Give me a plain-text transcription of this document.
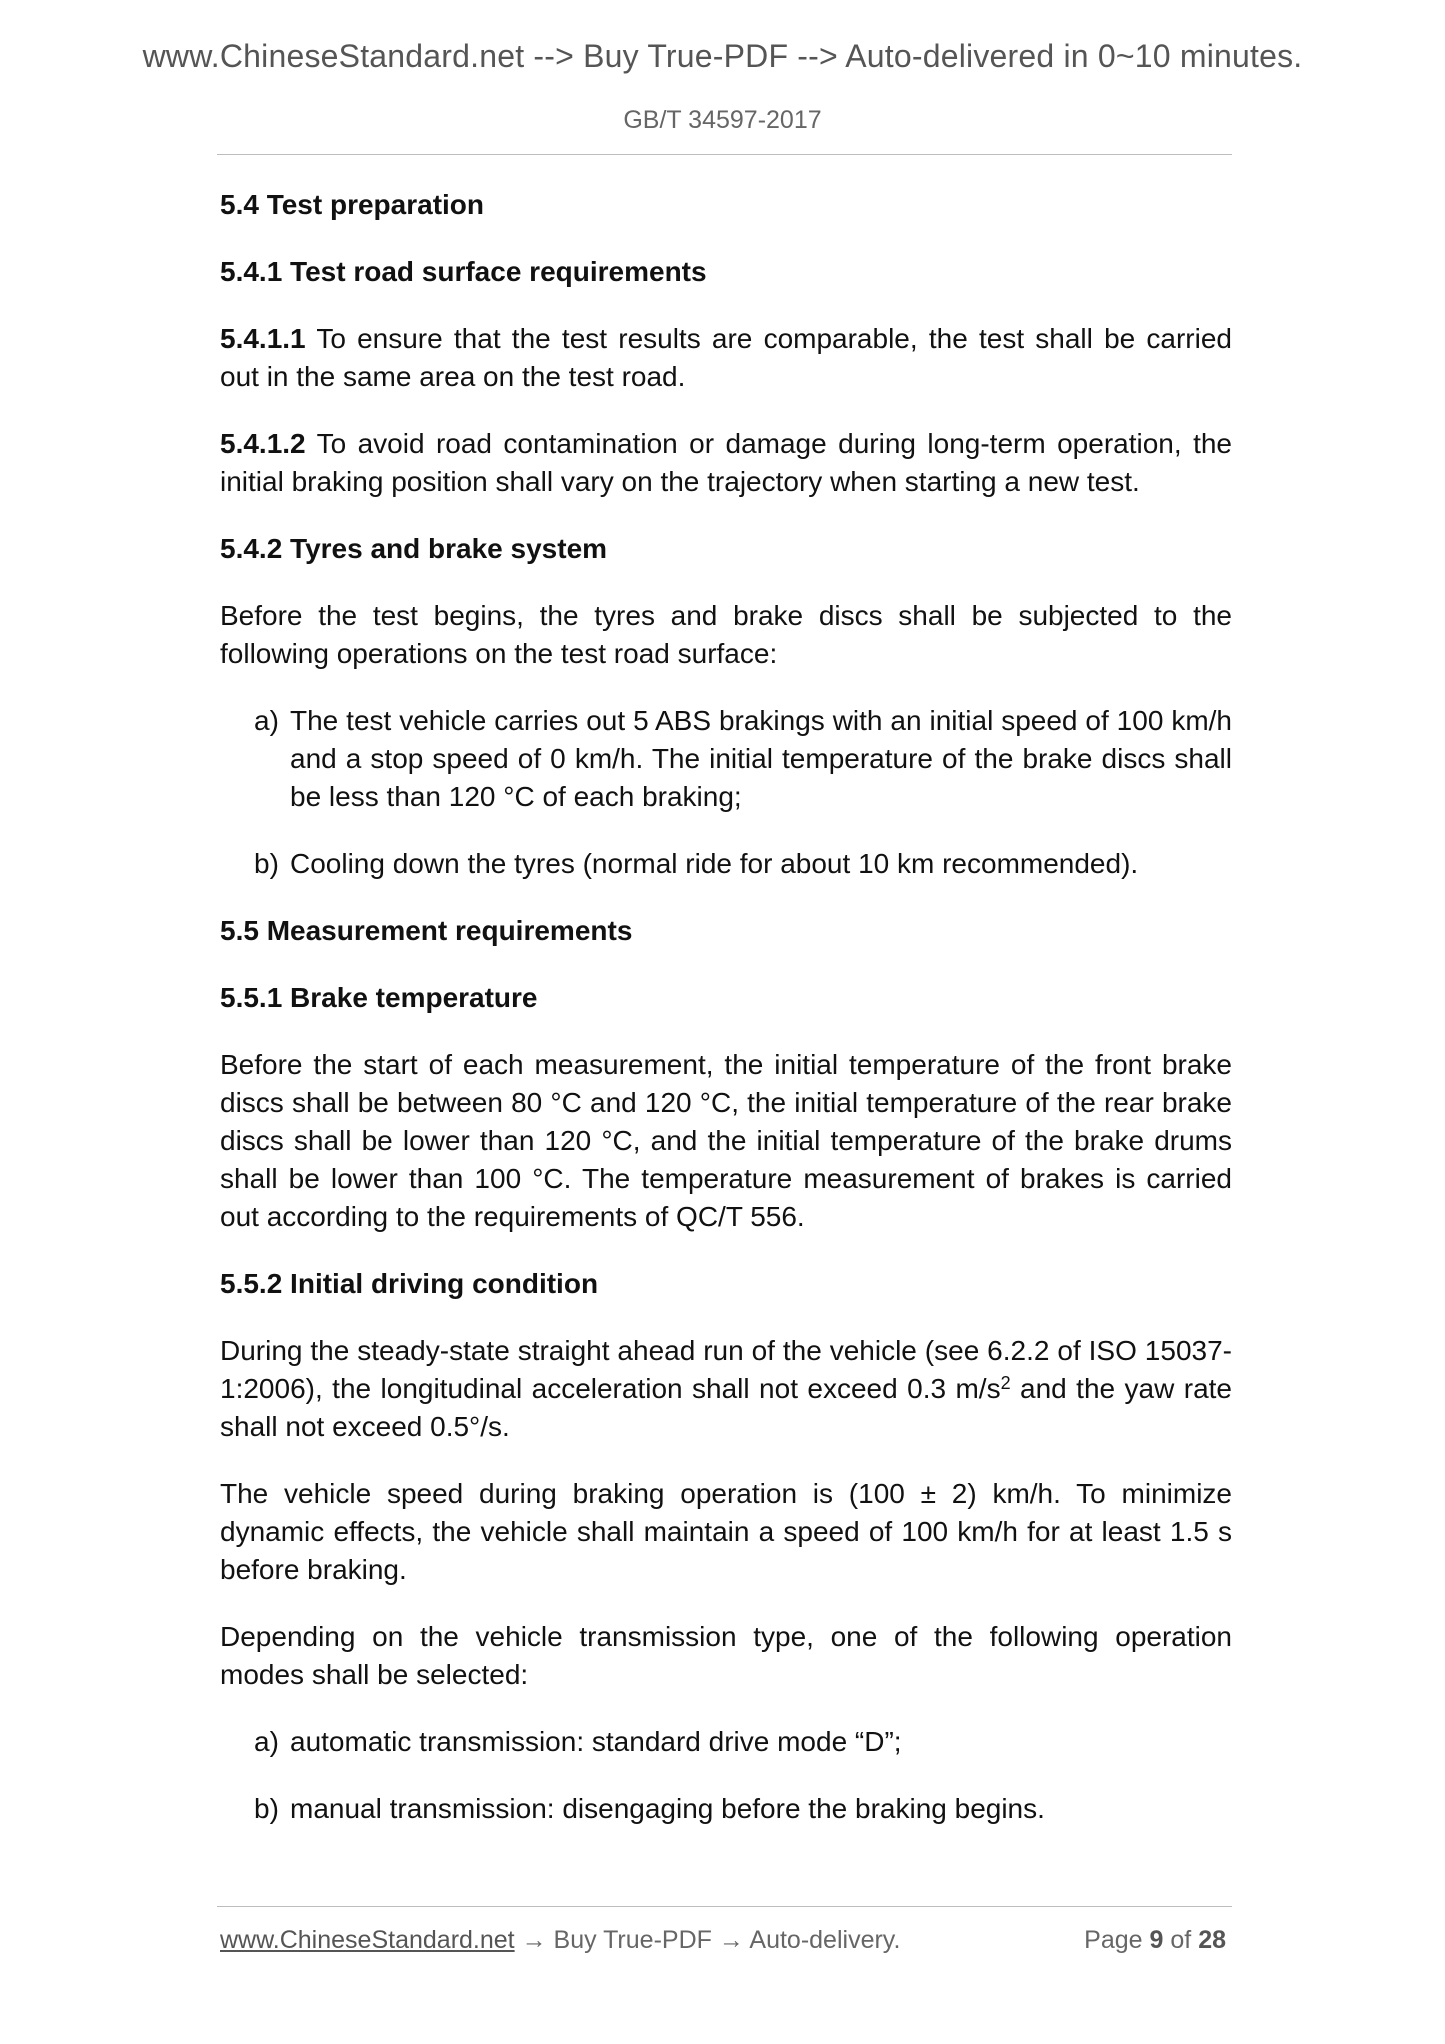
www.ChineseStandard.net --> Buy True-PDF --> Auto-delivered in 0~10 minutes.
GB/T 34597-2017
5.4 Test preparation
5.4.1 Test road surface requirements
5.4.1.1 To ensure that the test results are comparable, the test shall be carried out in the same area on the test road.
5.4.1.2 To avoid road contamination or damage during long-term operation, the initial braking position shall vary on the trajectory when starting a new test.
5.4.2 Tyres and brake system
Before the test begins, the tyres and brake discs shall be subjected to the following operations on the test road surface:
a) The test vehicle carries out 5 ABS brakings with an initial speed of 100 km/h and a stop speed of 0 km/h. The initial temperature of the brake discs shall be less than 120 °C of each braking;
b) Cooling down the tyres (normal ride for about 10 km recommended).
5.5 Measurement requirements
5.5.1 Brake temperature
Before the start of each measurement, the initial temperature of the front brake discs shall be between 80 °C and 120 °C, the initial temperature of the rear brake discs shall be lower than 120 °C, and the initial temperature of the brake drums shall be lower than 100 °C. The temperature measurement of brakes is carried out according to the requirements of QC/T 556.
5.5.2 Initial driving condition
During the steady-state straight ahead run of the vehicle (see 6.2.2 of ISO 15037-1:2006), the longitudinal acceleration shall not exceed 0.3 $m/s^2$ and the yaw rate shall not exceed 0.5°/s.
The vehicle speed during braking operation is (100 ± 2) km/h. To minimize dynamic effects, the vehicle shall maintain a speed of 100 km/h for at least 1.5 s before braking.
Depending on the vehicle transmission type, one of the following operation modes shall be selected:
a) automatic transmission: standard drive mode “D”;
b) manual transmission: disengaging before the braking begins.
www.ChineseStandard.net → Buy True-PDF → Auto-delivery.	Page 9 of 28
